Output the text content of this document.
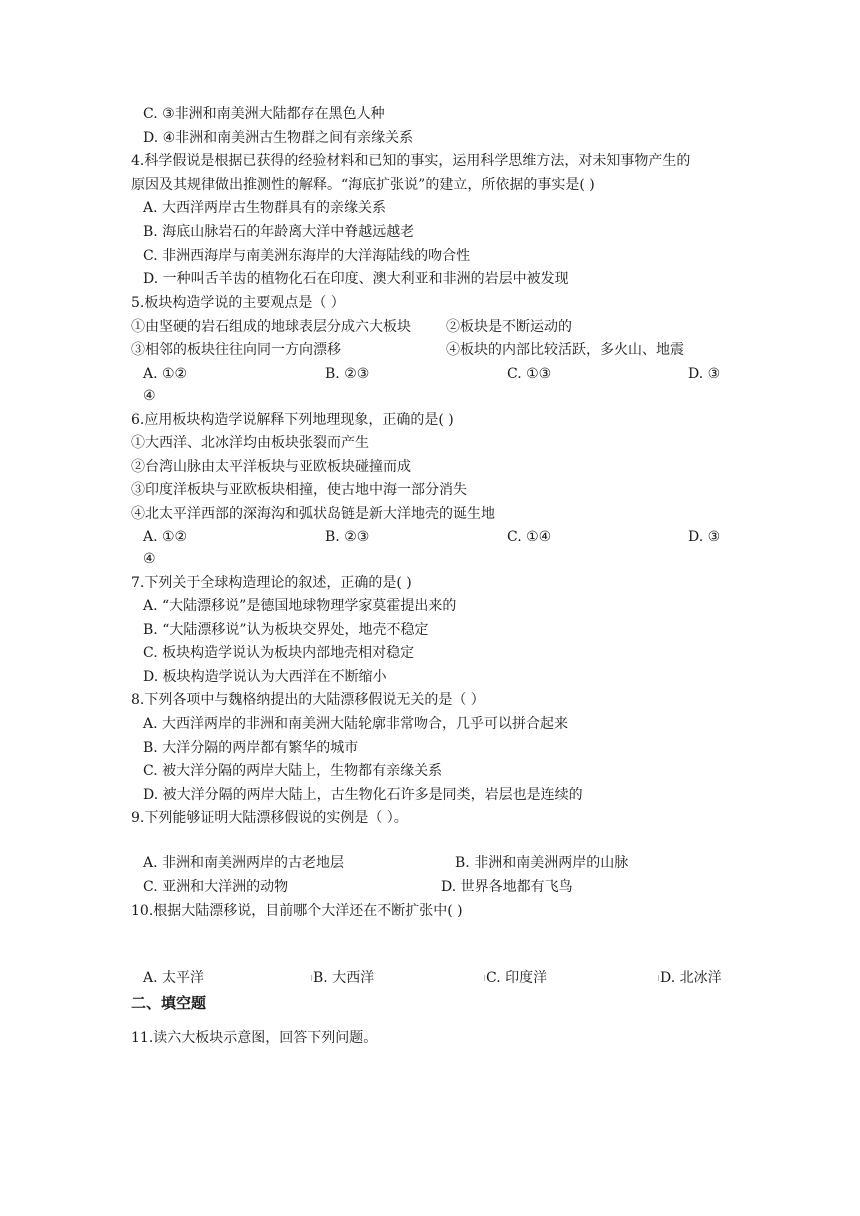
C. ③非洲和南美洲大陆都存在黑色人种
D. ④非洲和南美洲古生物群之间有亲缘关系
4.科学假说是根据已获得的经验材料和已知的事实，运用科学思维方法，对未知事物产生的
原因及其规律做出推测性的解释。“海底扩张说”的建立，所依据的事实是( )
A. 大西洋两岸古生物群具有的亲缘关系
B. 海底山脉岩石的年龄离大洋中脊越远越老
C. 非洲西海岸与南美洲东海岸的大洋海陆线的吻合性
D. 一种叫舌羊齿的植物化石在印度、澳大利亚和非洲的岩层中被发现
5.板块构造学说的主要观点是（ ）
①由坚硬的岩石组成的地球表层分成六大板块	②板块是不断运动的
③相邻的板块往往向同一方向漂移	④板块的内部比较活跃，多火山、地震
A. ①②	B. ②③	C. ①③	D. ③
④
6.应用板块构造学说解释下列地理现象，正确的是( )
①大西洋、北冰洋均由板块张裂而产生
②台湾山脉由太平洋板块与亚欧板块碰撞而成
③印度洋板块与亚欧板块相撞，使古地中海一部分消失
④北太平洋西部的深海沟和弧状岛链是新大洋地壳的诞生地
A. ①②	B. ②③	C. ①④	D. ③
④
7.下列关于全球构造理论的叙述，正确的是( )
A. “大陆漂移说”是德国地球物理学家莫霍提出来的
B. “大陆漂移说”认为板块交界处，地壳不稳定
C. 板块构造学说认为板块内部地壳相对稳定
D. 板块构造学说认为大西洋在不断缩小
8.下列各项中与魏格纳提出的大陆漂移假说无关的是（ ）
A. 大西洋两岸的非洲和南美洲大陆轮廓非常吻合，几乎可以拼合起来
B. 大洋分隔的两岸都有繁华的城市
C. 被大洋分隔的两岸大陆上，生物都有亲缘关系
D. 被大洋分隔的两岸大陆上，古生物化石许多是同类，岩层也是连续的
9.下列能够证明大陆漂移假说的实例是（ ）。
A. 非洲和南美洲两岸的古老地层	B. 非洲和南美洲两岸的山脉
C. 亚洲和大洋洲的动物	D. 世界各地都有飞鸟
10.根据大陆漂移说，目前哪个大洋还在不断扩张中( )
A. 太平洋	B. 大西洋	C. 印度洋	D. 北冰洋
二、填空题
11.读六大板块示意图，回答下列问题。
